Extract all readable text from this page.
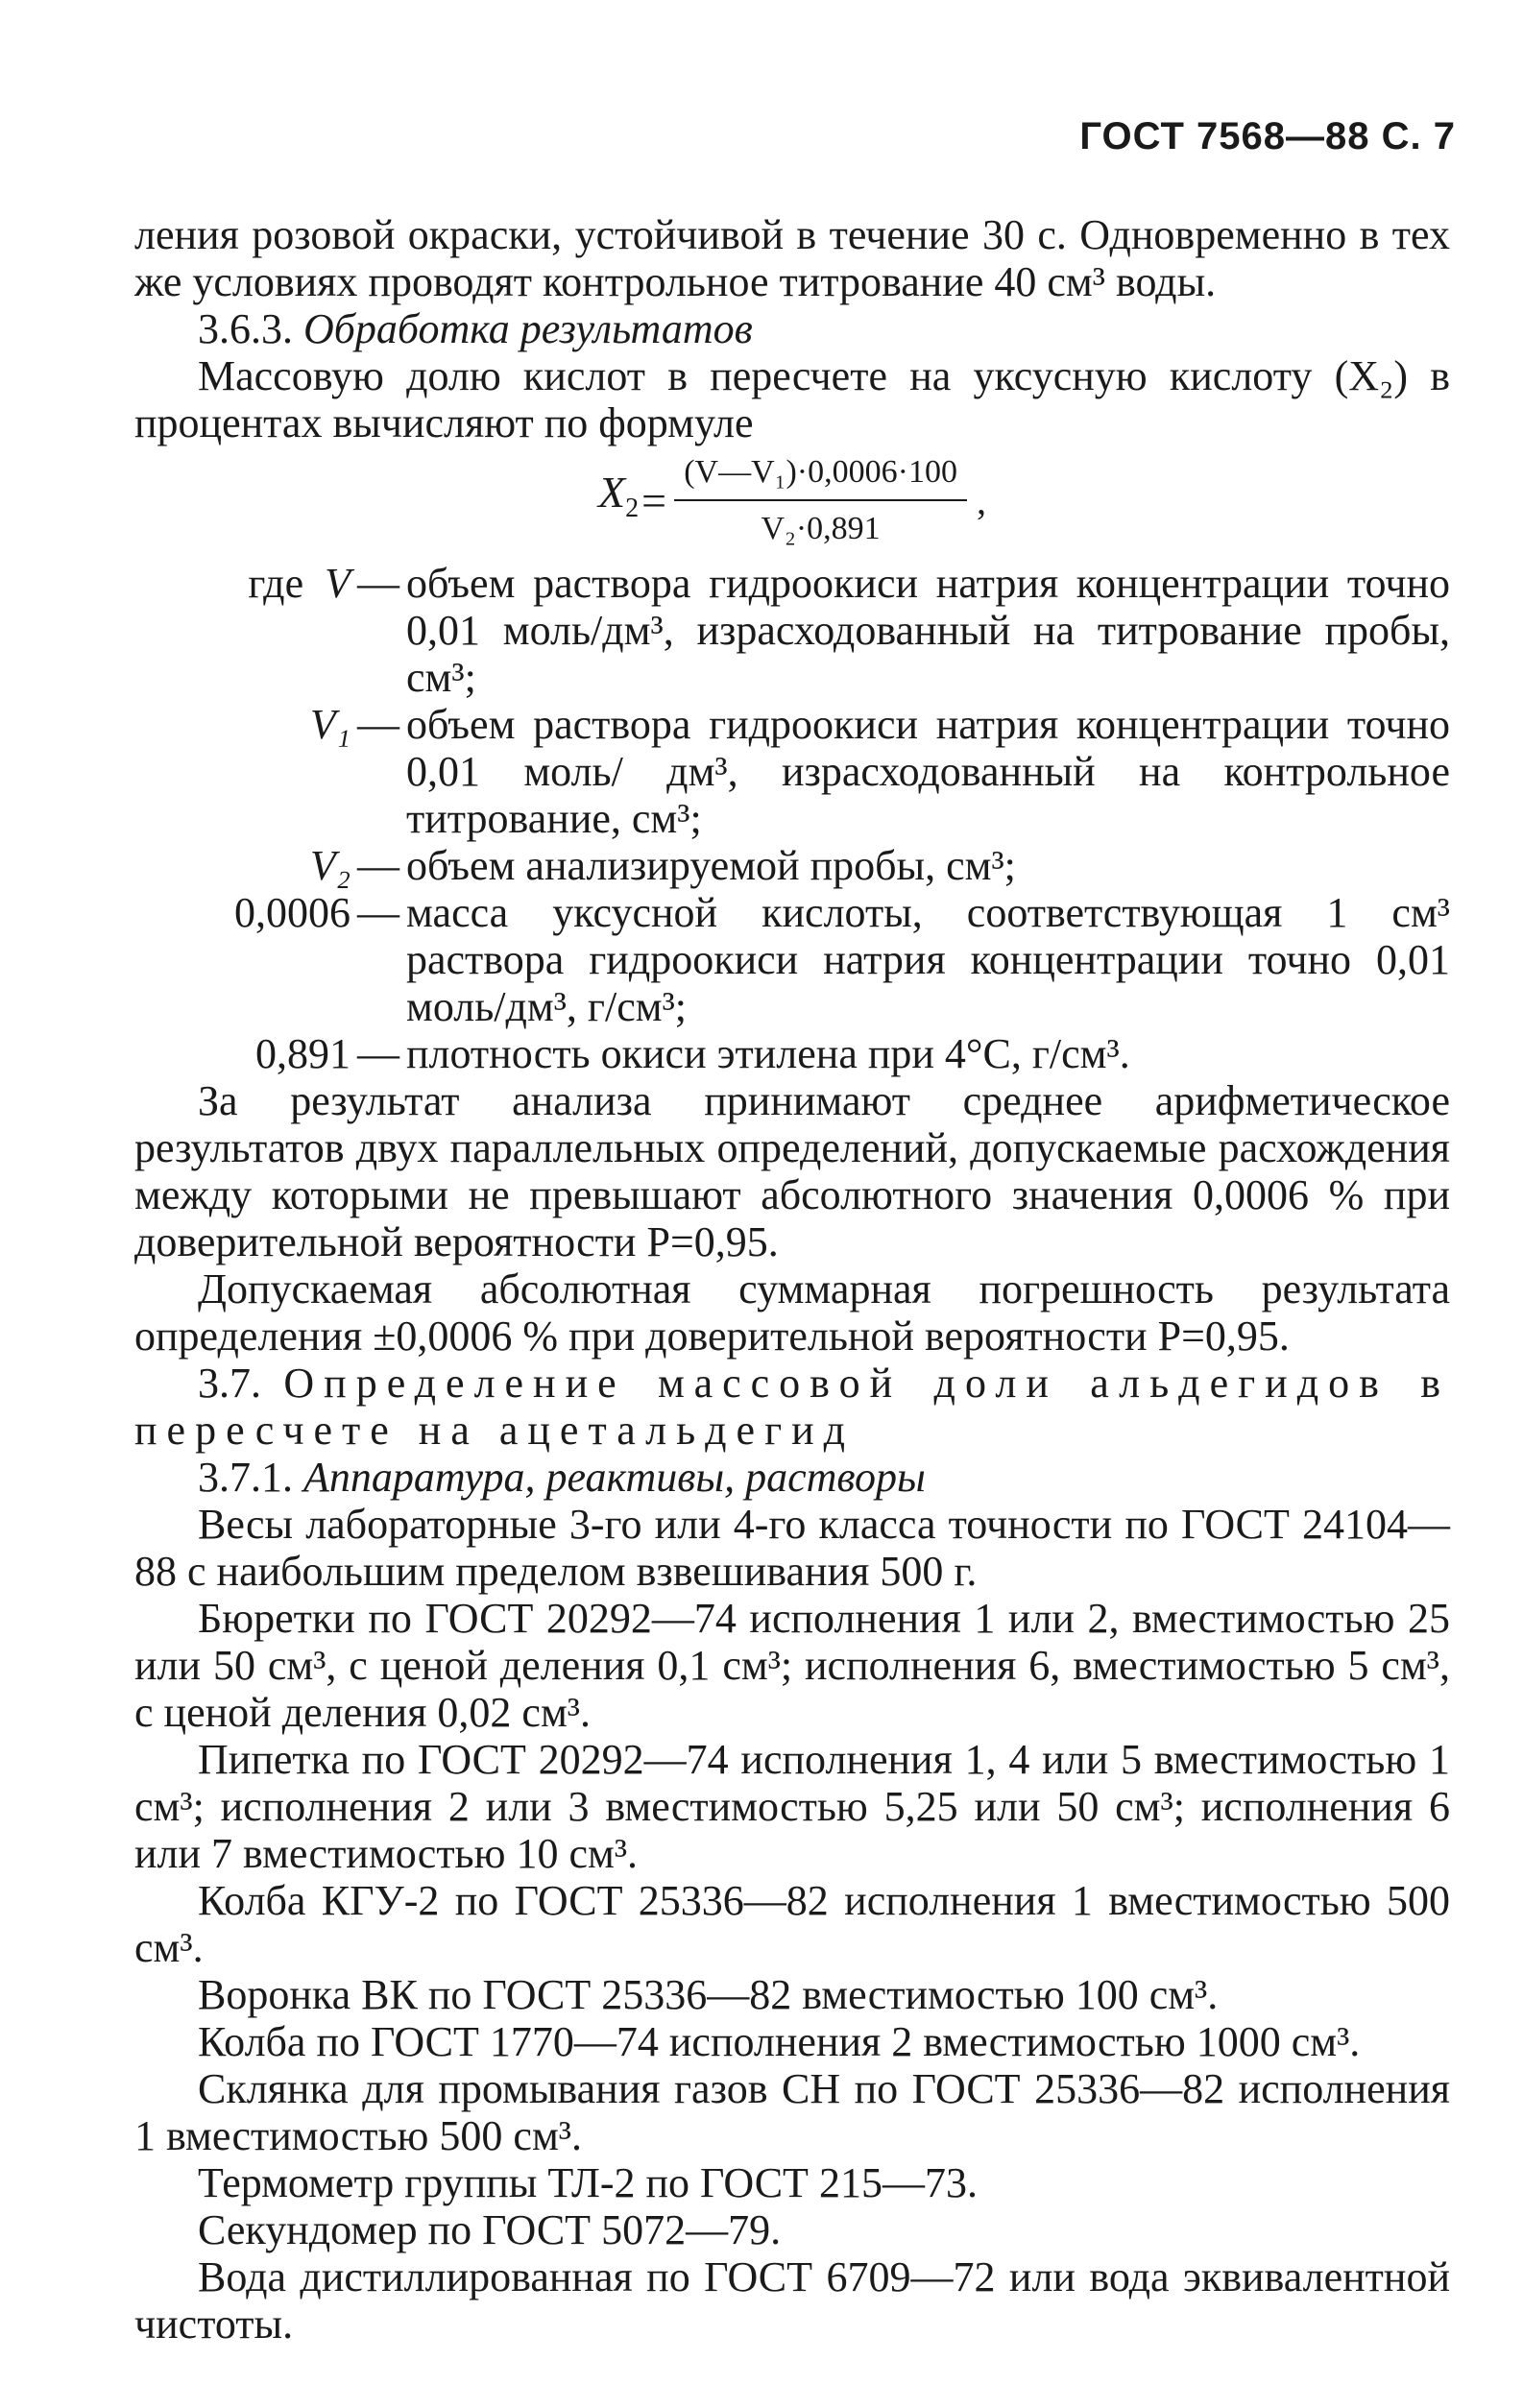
ГОСТ 7568—88 С. 7

ления розовой окраски, устойчивой в течение 30 с. Одновременно в тех же условиях проводят контрольное титрование 40 см³ воды.

3.6.3. Обработка результатов

Массовую долю кислот в пересчете на уксусную кислоту (X₂) в процентах вычисляют по формуле

$X_2 = \frac{\text{(V—V₁)·0,0006·100}}{\text{V₂·0,891}}$ ,
где V — объем раствора гидроокиси натрия концентрации точно 0,01 моль/дм³, израсходованный на титрование пробы, см³;
V₁ — объем раствора гидроокиси натрия концентрации точно 0,01 моль/ дм³, израсходованный на контрольное титрование, см³;
V₂ — объем анализируемой пробы, см³;
0,0006 — масса уксусной кислоты, соответствующая 1 см³ раствора гидроокиси натрия концентрации точно 0,01 моль/дм³, г/см³;
0,891 — плотность окиси этилена при 4°С, г/см³.

За результат анализа принимают среднее арифметическое результатов двух параллельных определений, допускаемые расхождения между которыми не превышают абсолютного значения 0,0006 % при доверительной вероятности P=0,95.

Допускаемая абсолютная суммарная погрешность результата определения ±0,0006 % при доверительной вероятности P=0,95.

3.7. Определение массовой доли альдегидов в пересчете на ацетальдегид

3.7.1. Аппаратура, реактивы, растворы

Весы лабораторные 3-го или 4-го класса точности по ГОСТ 24104—88 с наибольшим пределом взвешивания 500 г.

Бюретки по ГОСТ 20292—74 исполнения 1 или 2, вместимостью 25 или 50 см³, с ценой деления 0,1 см³; исполнения 6, вместимостью 5 см³, с ценой деления 0,02 см³.

Пипетка по ГОСТ 20292—74 исполнения 1, 4 или 5 вместимостью 1 см³; исполнения 2 или 3 вместимостью 5,25 или 50 см³; исполнения 6 или 7 вместимостью 10 см³.

Колба КГУ-2 по ГОСТ 25336—82 исполнения 1 вместимостью 500 см³.

Воронка ВК по ГОСТ 25336—82 вместимостью 100 см³.

Колба по ГОСТ 1770—74 исполнения 2 вместимостью 1000 см³.

Склянка для промывания газов СН по ГОСТ 25336—82 исполнения 1 вместимостью 500 см³.

Термометр группы ТЛ-2 по ГОСТ 215—73.

Секундомер по ГОСТ 5072—79.

Вода дистиллированная по ГОСТ 6709—72 или вода эквивалентной чистоты.
